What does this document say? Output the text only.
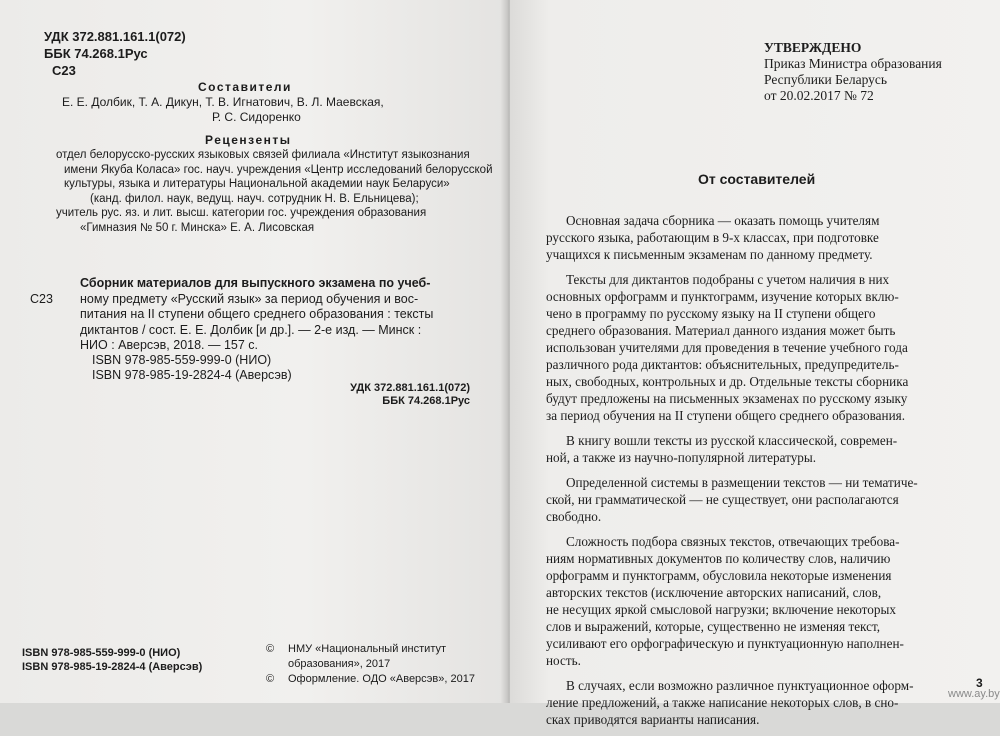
УДК 372.881.161.1(072)
ББК 74.268.1Рус
С23
Составители
Е. Е. Долбик, Т. А. Дикун, Т. В. Игнатович, В. Л. Маевская,
Р. С. Сидоренко
Рецензенты
отдел белорусско-русских языковых связей филиала «Институт языкознания
имени Якуба Коласа» гос. науч. учреждения «Центр исследований белорусской
культуры, языка и литературы Национальной академии наук Беларуси»
(канд. филол. наук, ведущ. науч. сотрудник Н. В. Ельницева);
учитель рус. яз. и лит. высш. категории гос. учреждения образования
«Гимназия № 50 г. Минска» Е. А. Лисовская
С23
Сборник материалов для выпускного экзамена по учеб-
ному предмету «Русский язык» за период обучения и вос-
питания на II ступени общего среднего образования : тексты
диктантов / сост. Е. Е. Долбик [и др.]. — 2-е изд. — Минск :
НИО : Аверсэв, 2018. — 157 с.
ISBN 978-985-559-999-0 (НИО)
ISBN 978-985-19-2824-4 (Аверсэв)
УДК 372.881.161.1(072)
ББК 74.268.1Рус
ISBN 978-985-559-999-0 (НИО)
ISBN 978-985-19-2824-4 (Аверсэв)
©	НМУ «Национальный институт
образования», 2017
©	Оформление. ОДО «Аверсэв», 2017
УТВЕРЖДЕНО
Приказ Министра образования
Республики Беларусь
от 20.02.2017 № 72
От составителей

Основная задача сборника — оказать помощь учителям
русского языка, работающим в 9-х классах, при подготовке
учащихся к письменным экзаменам по данному предмету.

Тексты для диктантов подобраны с учетом наличия в них
основных орфограмм и пунктограмм, изучение которых вклю-
чено в программу по русскому языку на II ступени общего
среднего образования. Материал данного издания может быть
использован учителями для проведения в течение учебного года
различного рода диктантов: объяснительных, предупредитель-
ных, свободных, контрольных и др. Отдельные тексты сборника
будут предложены на письменных экзаменах по русскому языку
за период обучения на II ступени общего среднего образования.

В книгу вошли тексты из русской классической, современ-
ной, а также из научно-популярной литературы.

Определенной системы в размещении текстов — ни тематиче-
ской, ни грамматической — не существует, они располагаются
свободно.

Сложность подбора связных текстов, отвечающих требова-
ниям нормативных документов по количеству слов, наличию
орфограмм и пунктограмм, обусловила некоторые изменения
авторских текстов (исключение авторских написаний, слов,
не несущих яркой смысловой нагрузки; включение некоторых
слов и выражений, которые, существенно не изменяя текст,
усиливают его орфографическую и пунктуационную наполнен-
ность.

В случаях, если возможно различное пунктуационное оформ-
ление предложений, а также написание некоторых слов, в сно-
сках приводятся варианты написания.

3
www.ay.by
